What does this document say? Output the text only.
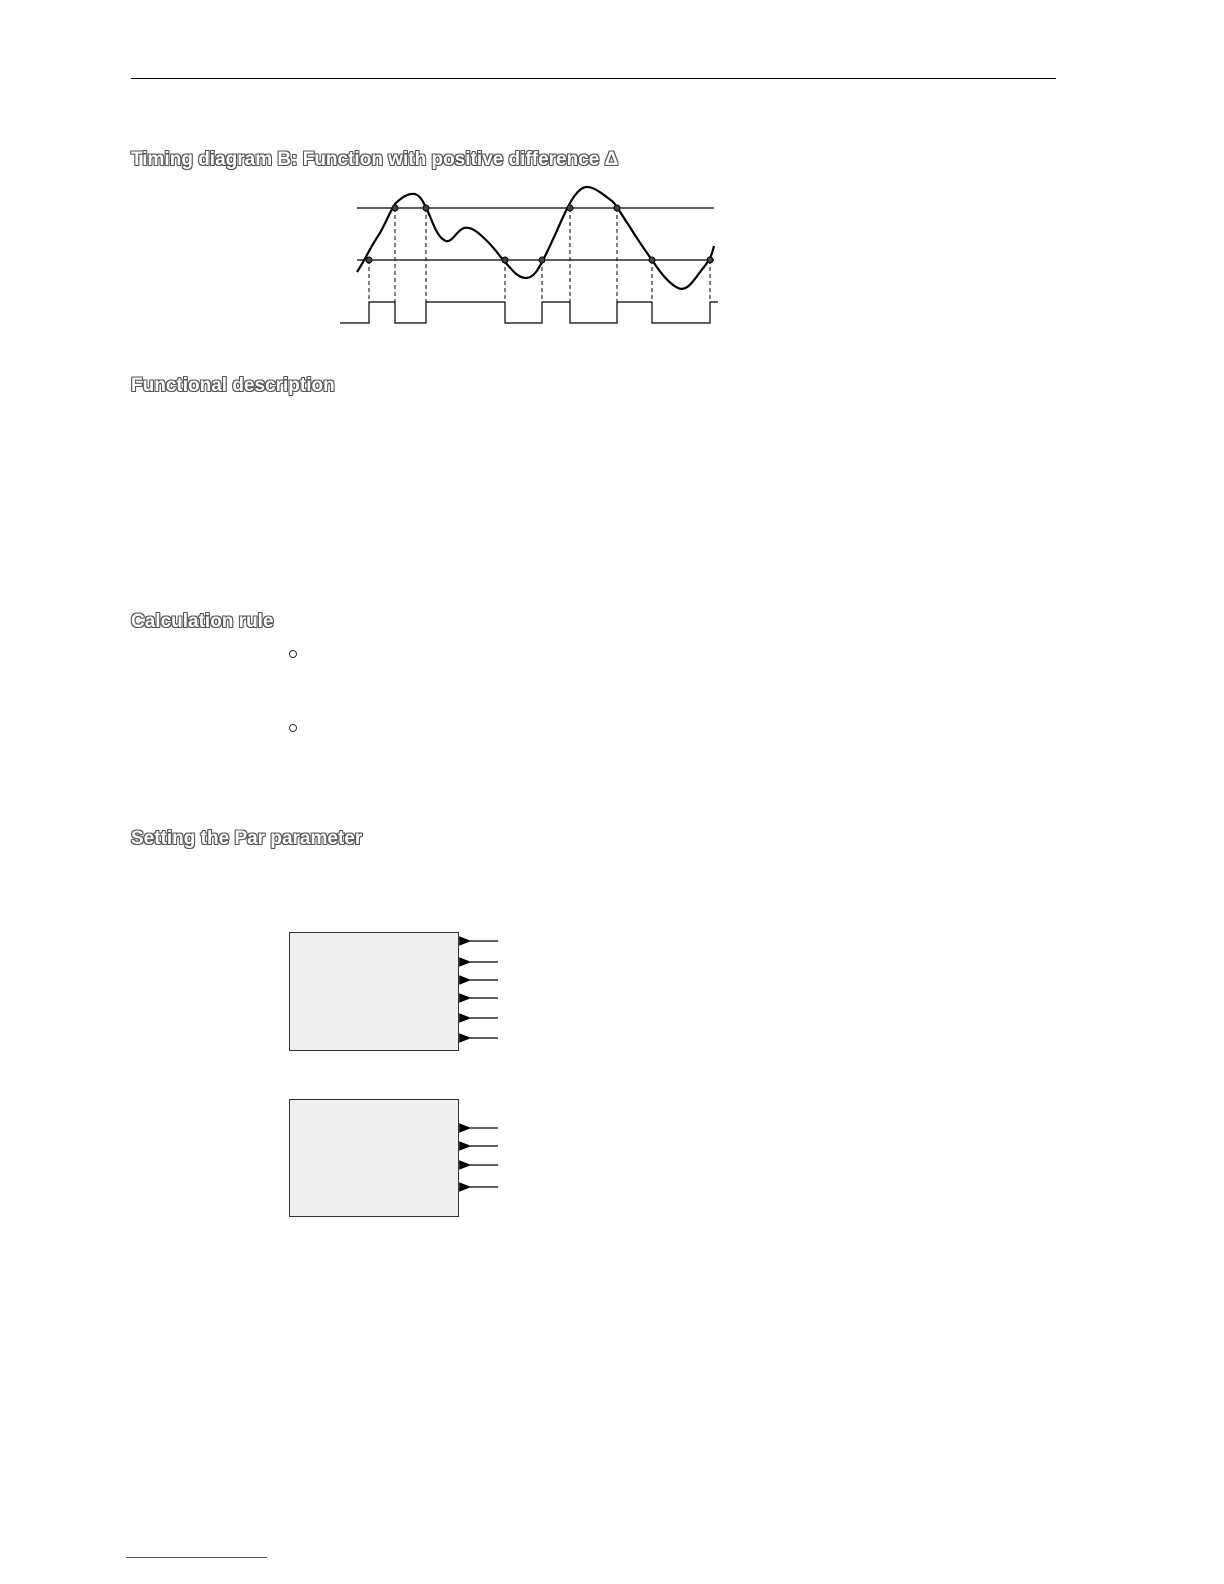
Timing diagram B: Function with positive difference Δ
Functional description
Calculation rule
Setting the Par parameter
